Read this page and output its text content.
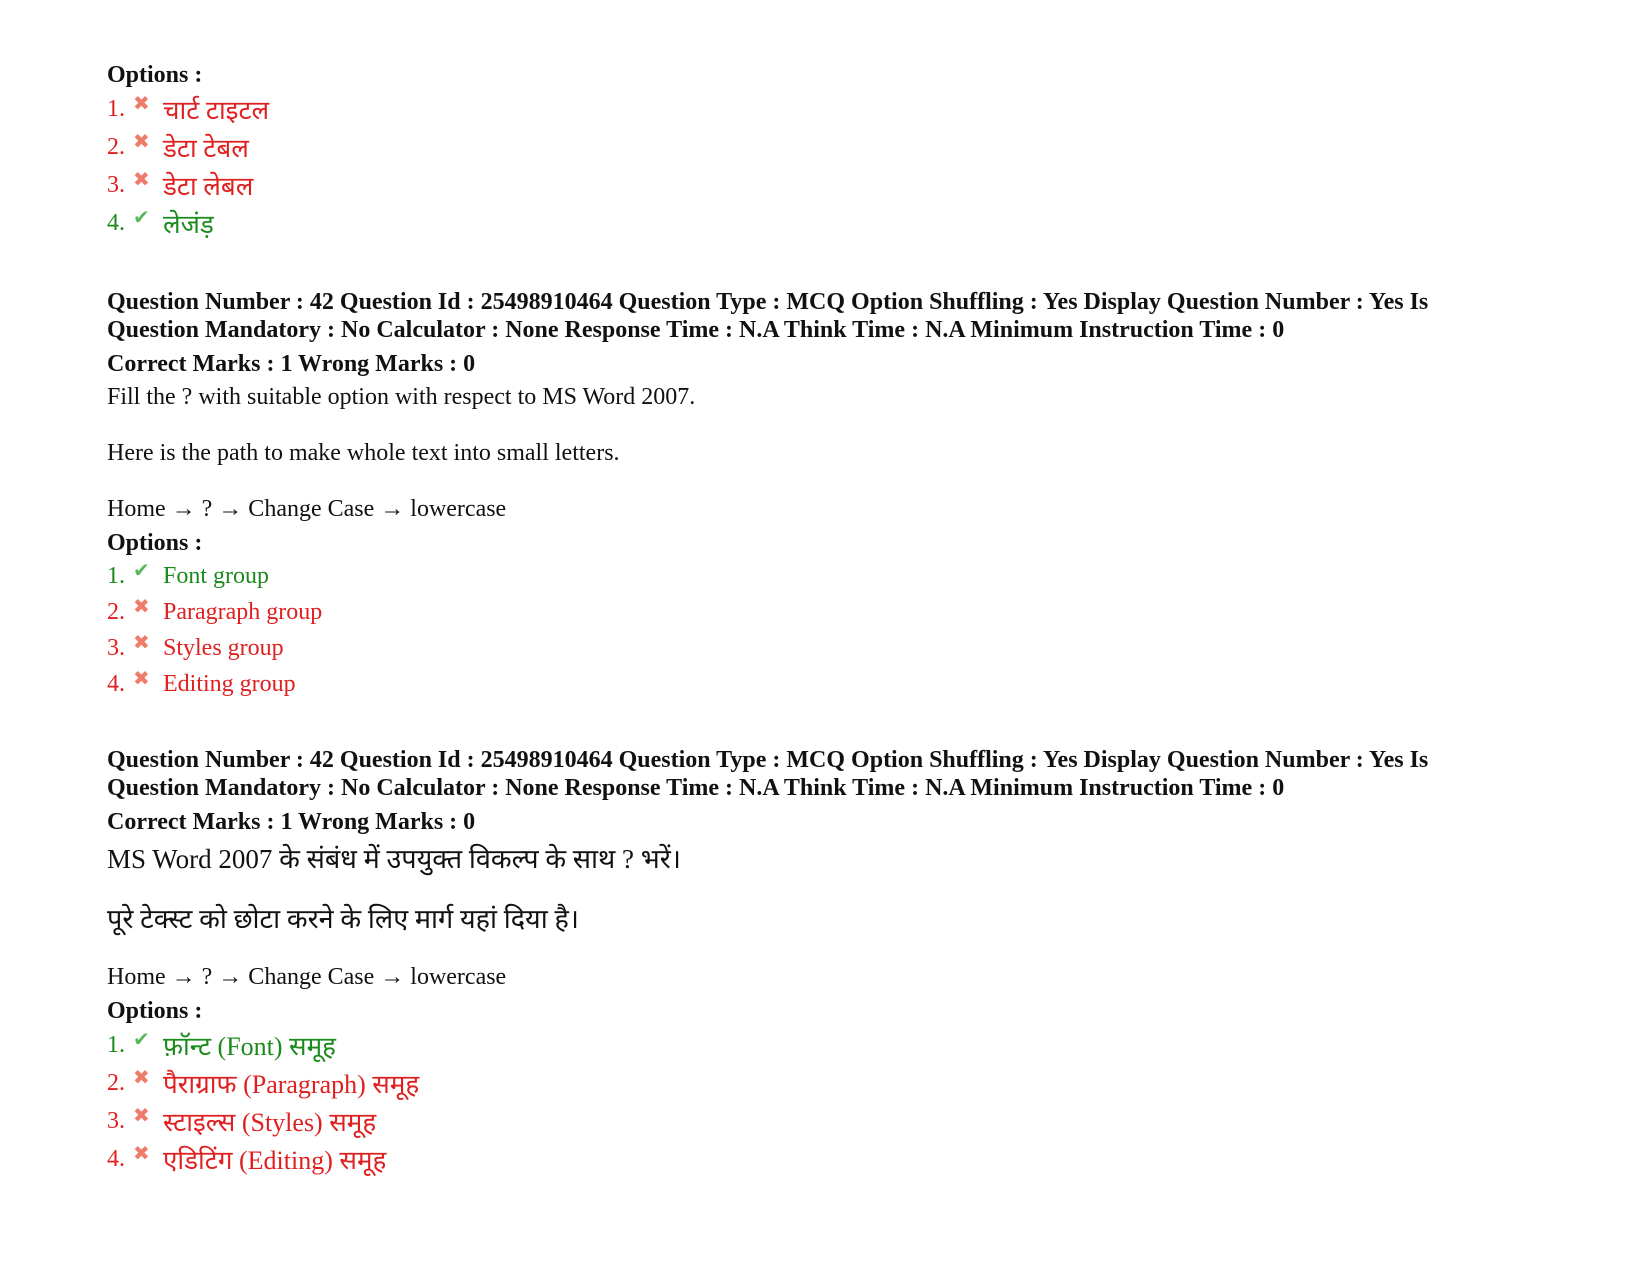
Options :
1. ✖ चार्ट टाइटल
2. ✖ डेटा टेबल
3. ✖ डेटा लेबल
4. ✔ लेजंड़
Question Number : 42 Question Id : 25498910464 Question Type : MCQ Option Shuffling : Yes Display Question Number : Yes Is
Question Mandatory : No Calculator : None Response Time : N.A Think Time : N.A Minimum Instruction Time : 0
Correct Marks : 1 Wrong Marks : 0
Fill the ? with suitable option with respect to MS Word 2007.
Here is the path to make whole text into small letters.
Home → ? → Change Case → lowercase
Options :
1. ✔ Font group
2. ✖ Paragraph group
3. ✖ Styles group
4. ✖ Editing group
Question Number : 42 Question Id : 25498910464 Question Type : MCQ Option Shuffling : Yes Display Question Number : Yes Is
Question Mandatory : No Calculator : None Response Time : N.A Think Time : N.A Minimum Instruction Time : 0
Correct Marks : 1 Wrong Marks : 0
MS Word 2007 के संबंध में उपयुक्त विकल्प के साथ ? भरें।
पूरे टेक्स्ट को छोटा करने के लिए मार्ग यहां दिया है।
Home → ? → Change Case → lowercase
Options :
1. ✔ फ़ॉन्ट (Font) समूह
2. ✖ पैराग्राफ (Paragraph) समूह
3. ✖ स्टाइल्स (Styles) समूह
4. ✖ एडिटिंग (Editing) समूह
